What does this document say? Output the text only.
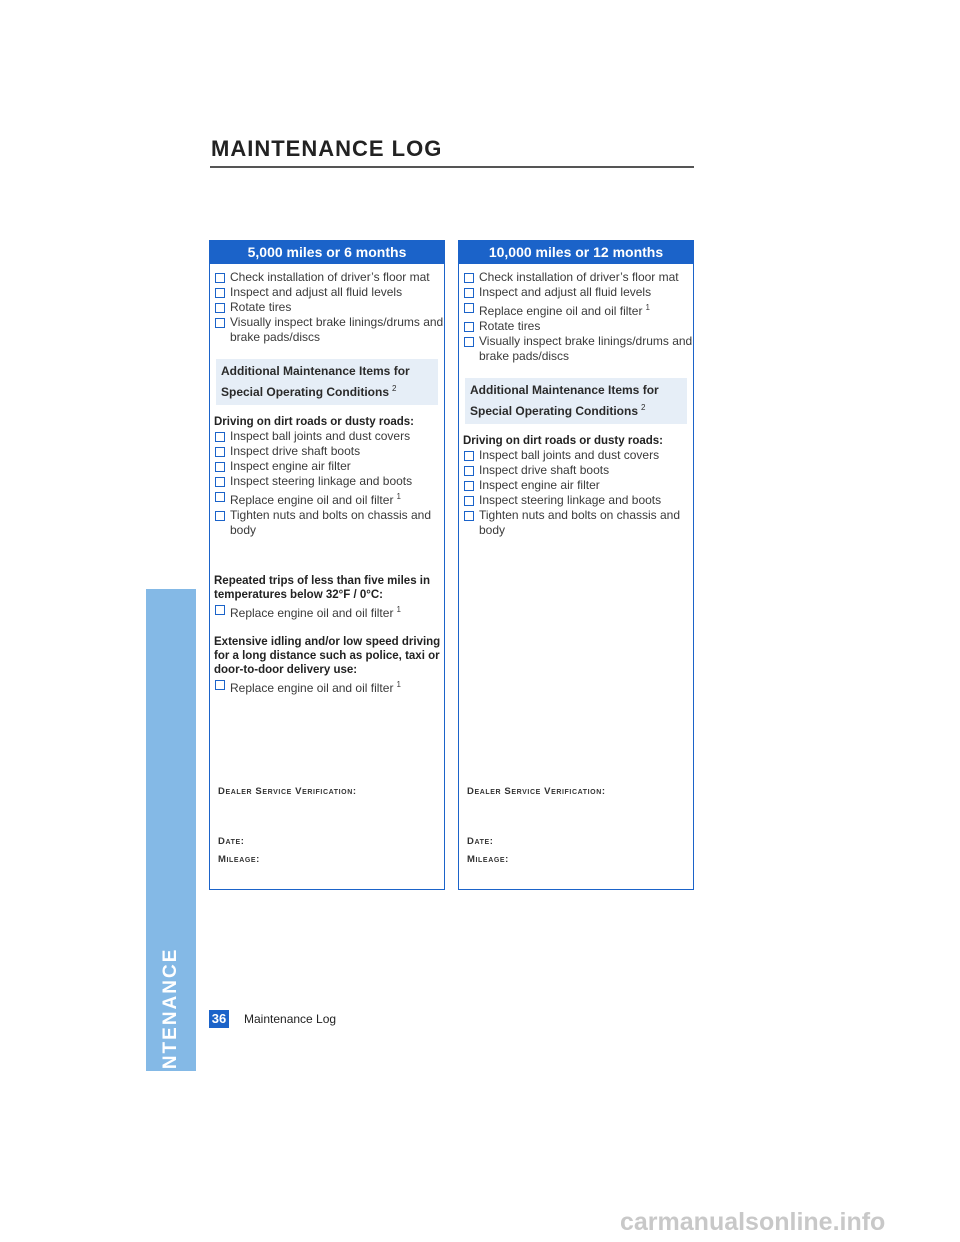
MAINTENANCE LOG
MAINTENANCE
5,000 miles or 6 months
Check installation of driver’s floor mat
Inspect and adjust all fluid levels
Rotate tires
Visually inspect brake linings/drums and brake pads/discs
Additional Maintenance Items for Special Operating Conditions $^2$
Driving on dirt roads or dusty roads:
Inspect ball joints and dust covers
Inspect drive shaft boots
Inspect engine air filter
Inspect steering linkage and boots
Replace engine oil and oil filter $^1$
Tighten nuts and bolts on chassis and body
Repeated trips of less than five miles in temperatures below 32°F / 0°C:
Replace engine oil and oil filter $^1$
Extensive idling and/or low speed driving for a long distance such as police, taxi or door-to-door delivery use:
Replace engine oil and oil filter $^1$
Dealer Service Verification:
Date:
Mileage:
10,000 miles or 12 months
Check installation of driver’s floor mat
Inspect and adjust all fluid levels
Replace engine oil and oil filter $^1$
Rotate tires
Visually inspect brake linings/drums and brake pads/discs
Additional Maintenance Items for Special Operating Conditions $^2$
Driving on dirt roads or dusty roads:
Inspect ball joints and dust covers
Inspect drive shaft boots
Inspect engine air filter
Inspect steering linkage and boots
Tighten nuts and bolts on chassis and body
Dealer Service Verification:
Date:
Mileage:
36 Maintenance Log
carmanualsonline.info
